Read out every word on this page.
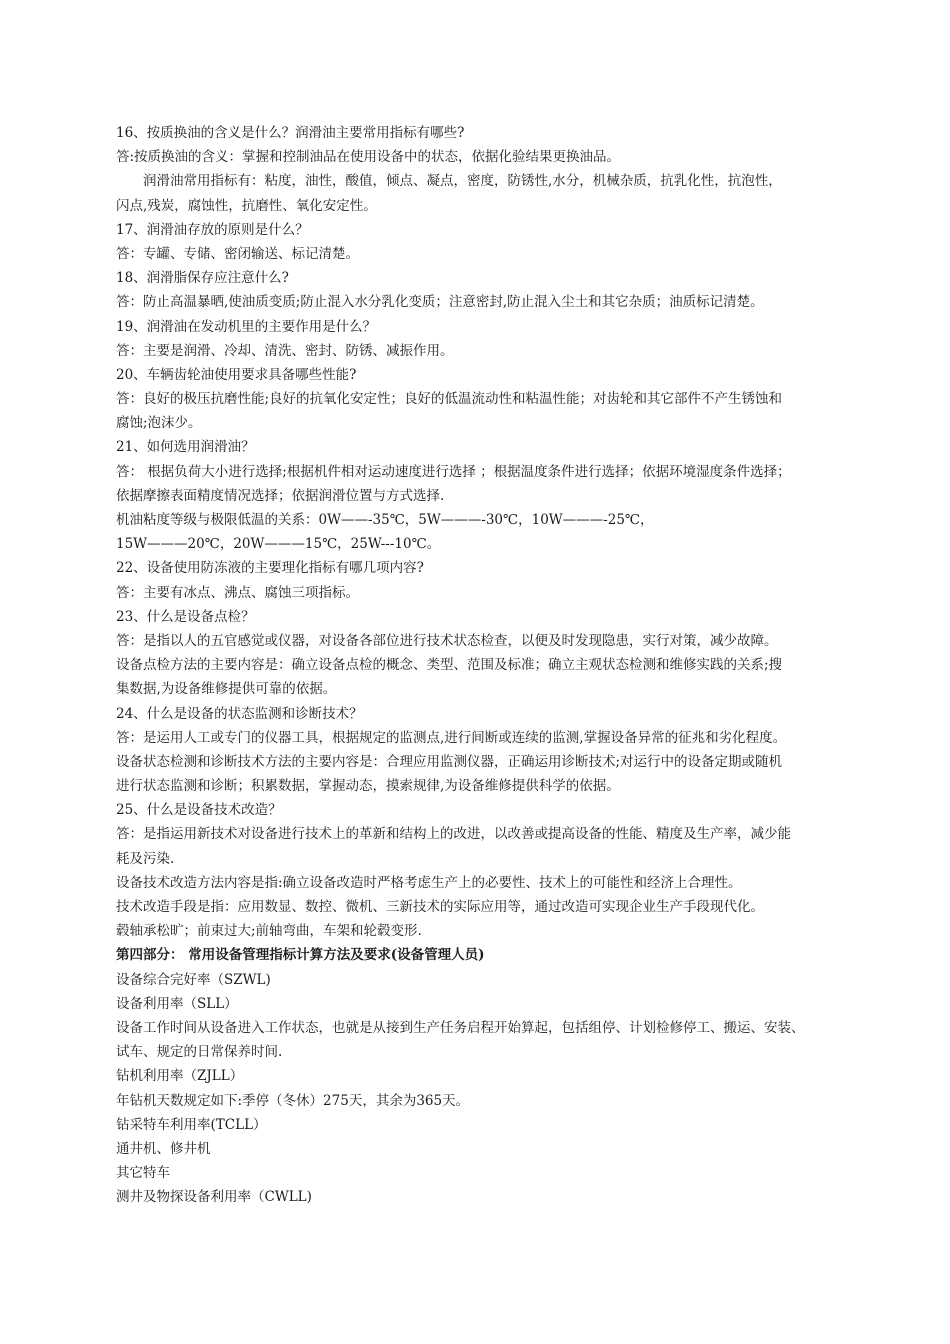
16、按质换油的含义是什么？润滑油主要常用指标有哪些?
答:按质换油的含义：掌握和控制油品在使用设备中的状态，依据化验结果更换油品。
润滑油常用指标有：粘度，油性，酸值，倾点、凝点，密度，防锈性,水分，机械杂质，抗乳化性，抗泡性，
闪点,残炭，腐蚀性，抗磨性、氧化安定性。
17、润滑油存放的原则是什么？
答：专罐、专储、密闭输送、标记清楚。
18、润滑脂保存应注意什么?
答：防止高温暴晒,使油质变质;防止混入水分乳化变质；注意密封,防止混入尘土和其它杂质；油质标记清楚。
19、润滑油在发动机里的主要作用是什么？
答：主要是润滑、冷却、清洗、密封、防锈、减振作用。
20、车辆齿轮油使用要求具备哪些性能?
答：良好的极压抗磨性能;良好的抗氧化安定性；良好的低温流动性和粘温性能；对齿轮和其它部件不产生锈蚀和
腐蚀;泡沫少。
21、如何选用润滑油？
答： 根据负荷大小进行选择;根据机件相对运动速度进行选择 ；根据温度条件进行选择；依据环境湿度条件选择；
依据摩擦表面精度情况选择；依据润滑位置与方式选择.
机油粘度等级与极限低温的关系：0W——-35℃，5W———-30℃，10W———-25℃，
15W———20℃，20W———15℃，25W---10℃。
22、设备使用防冻液的主要理化指标有哪几项内容?
答：主要有冰点、沸点、腐蚀三项指标。
23、什么是设备点检？
答：是指以人的五官感觉或仪器，对设备各部位进行技术状态检查，以便及时发现隐患，实行对策，减少故障。
设备点检方法的主要内容是：确立设备点检的概念、类型、范围及标准；确立主观状态检测和维修实践的关系;搜
集数据,为设备维修提供可靠的依据。
24、什么是设备的状态监测和诊断技术？
答：是运用人工或专门的仪器工具，根据规定的监测点,进行间断或连续的监测,掌握设备异常的征兆和劣化程度。
设备状态检测和诊断技术方法的主要内容是：合理应用监测仪器，正确运用诊断技术;对运行中的设备定期或随机
进行状态监测和诊断；积累数据，掌握动态，摸索规律,为设备维修提供科学的依据。
25、什么是设备技术改造？
答：是指运用新技术对设备进行技术上的革新和结构上的改进，以改善或提高设备的性能、精度及生产率，减少能
耗及污染.
设备技术改造方法内容是指:确立设备改造时严格考虑生产上的必要性、技术上的可能性和经济上合理性。
技术改造手段是指：应用数显、数控、微机、三新技术的实际应用等，通过改造可实现企业生产手段现代化。
毂轴承松旷；前束过大;前轴弯曲，车架和轮毂变形.
第四部分： 常用设备管理指标计算方法及要求(设备管理人员)
设备综合完好率（SZWL)
设备利用率（SLL）
设备工作时间从设备进入工作状态，也就是从接到生产任务启程开始算起，包括组停、计划检修停工、搬运、安装、
试车、规定的日常保养时间.
钻机利用率（ZJLL）
年钻机天数规定如下:季停（冬休）275天，其余为365天。
钻采特车利用率(TCLL）
通井机、修井机
其它特车
测井及物探设备利用率（CWLL)
